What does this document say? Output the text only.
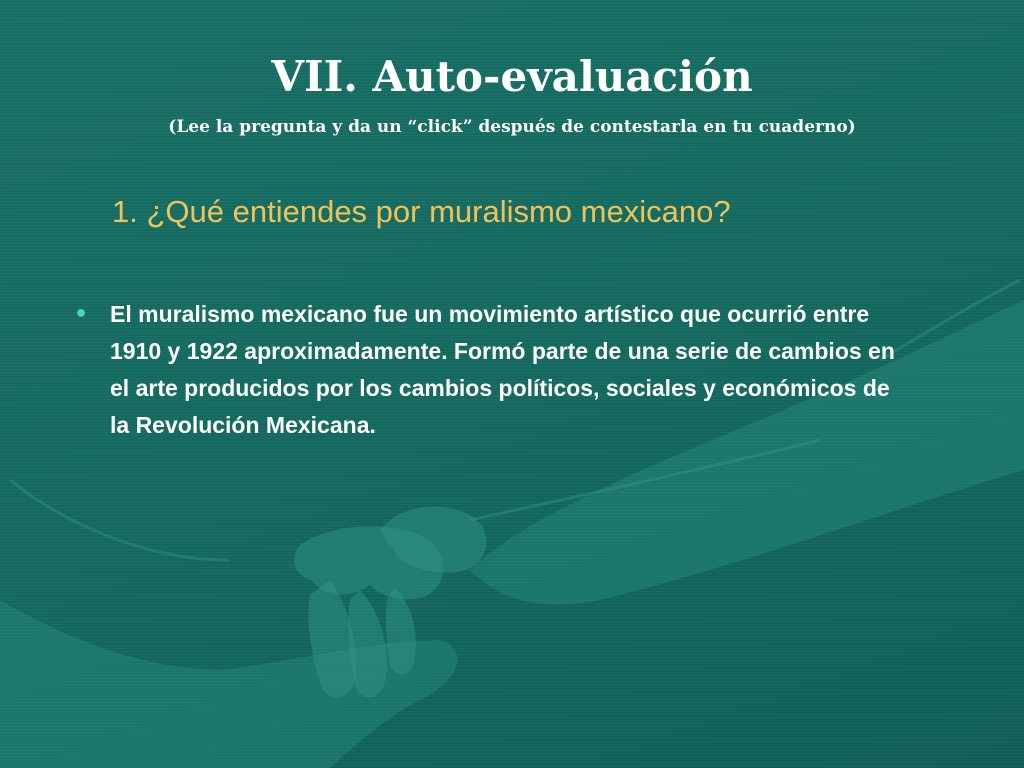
VII. Auto-evaluación

(Lee la pregunta y da un “click” después de contestarla en tu cuaderno)

1. ¿Qué entiendes por muralismo mexicano?

• El muralismo mexicano fue un movimiento artístico que ocurrió entre 1910 y 1922 aproximadamente. Formó parte de una serie de cambios en el arte producidos por los cambios políticos, sociales y económicos de la Revolución Mexicana.
